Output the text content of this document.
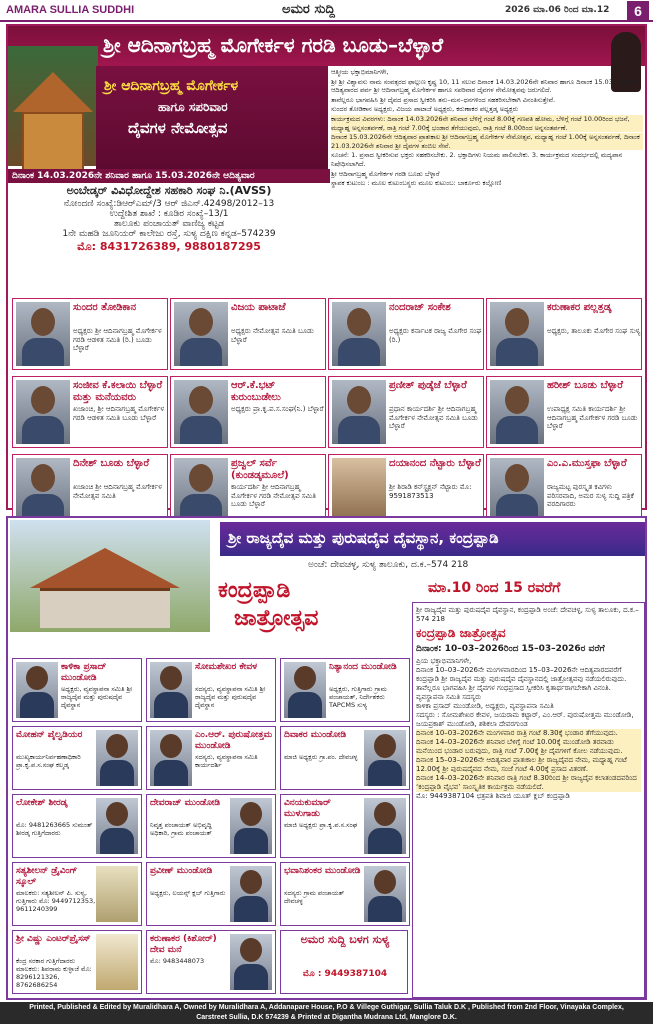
AMARA SULLIA SUDDHI	ಅಮರ ಸುದ್ದಿ	2026 ಮಾ.06 ರಿಂದ ಮಾ.12	6
ಶ್ರೀ ಆದಿನಾಗಬ್ರಹ್ಮ ಮೊಗೇರ್ಕಳ ಗರಡಿ ಬೂಡು–ಬೆಳ್ಳಾರೆ
ಶ್ರೀ ಆದಿನಾಗಬ್ರಹ್ಮ ಮೊಗೇರ್ಕಳ
ಹಾಗೂ ಸಪರಿವಾರ
ದೈವಗಳ ನೇಮೋತ್ಸವ
ದಿನಾಂಕ 14.03.2026ನೇ ಶನಿವಾರ ಹಾಗೂ 15.03.2026ನೇ ಆದಿತ್ಯವಾರ
ಅಂಬೇಡ್ಕರ್ ವಿವಿಧೋದ್ದೇಶ ಸಹಕಾರಿ ಸಂಘ ನಿ.(AVSS)
ನೋಂದಣಿ ಸಂಖ್ಯೆ:ಡಿಆರ್‌ಎಮ್/3 ಆರ್ ಜಿಎನ್.42498/2012–13
ಉದ್ದೇಶಿತ ಶಾಖೆ : ಕೂಡಿರ ಸಂಖ್ಯೆ–13/1
ತಾಲೂಕು ಪಂಚಾಯತ್ ವಾಣಿಜ್ಯ ಕಟ್ಟಡ
1ನೇ ಮಹಡಿ ಜೂನಿಯರ್ ಕಾಲೇಜು ರಸ್ತೆ, ಸುಳ್ಯ ದಕ್ಷಿಣ ಕನ್ನಡ–574239
ಮೊ: 8431726389, 9880187295

ಆತ್ಮೀಯ ಭಕ್ತಾಭಿಮಾನಿಗಳೇ,

ಶ್ರೀ ಶ್ರೀ ವಿಶ್ವಾವಸು ನಾಮ ಸಂವತ್ಸರದ ಫಾಲ್ಗುಣ ಕೃಷ್ಣ 10, 11 ಸಲುವ ದಿನಾಂಕ 14.03.2026ನೇ ಶನಿವಾರ ಹಾಗೂ ದಿನಾಂಕ 15.03.2026ನೇ ಆದಿತ್ಯವಾರದ ಪರ್ವ ಶ್ರೀ ಆದಿನಾಗಬ್ರಹ್ಮ ಮೊಗೇರ್ಕಳ ಹಾಗೂ ಸಪರಿವಾರ ದೈವಗಳ ನೇಮೋತ್ಸವವು ಜರುಗಲಿದೆ.

ತಾವೆಲ್ಲರೂ ಭಾಗವಹಿಸಿ ಶ್ರೀ ದೈವದ ಪ್ರಸಾದ ಸ್ವೀಕರಿಸಿ ತನು–ಮನ–ಧನಗಳಿಂದ ಸಹಕರಿಸಬೇಕಾಗಿ ವಿನಂತಿಸುತ್ತೇವೆ.

ಸುಂದರ ತೋಡಿಕಾನ ಅಧ್ಯಕ್ಷರು, ವಿಜಯ ಪಾಟಾಜೆ ಅಧ್ಯಕ್ಷರು, ಕರುಣಾಕರ ಪಲ್ಲತ್ತಡ್ಕ ಅಧ್ಯಕ್ಷರು

ಕಾರ್ಯಕ್ರಮದ ವಿವರಗಳು: ದಿನಾಂಕ 14.03.2026ನೇ ಶನಿವಾರ ಬೆಳಿಗ್ಗೆ ಗಂಟೆ 8.00ಕ್ಕೆ ಗಣಪತಿ ಹೋಮ, ಬೆಳಿಗ್ಗೆ ಗಂಟೆ 10.00ರಿಂದ ಭಜನೆ, ಮಧ್ಯಾಹ್ನ ಅನ್ನಸಂತರ್ಪಣೆ, ರಾತ್ರಿ ಗಂಟೆ 7.00ಕ್ಕೆ ಭಂಡಾರ ತೆಗೆಯುವುದು, ರಾತ್ರಿ ಗಂಟೆ 8.00ರಿಂದ ಅನ್ನಸಂತರ್ಪಣೆ.

ದಿನಾಂಕ 15.03.2026ನೇ ಆದಿತ್ಯವಾರ ಪ್ರಾತಃಕಾಲ ಶ್ರೀ ಆದಿನಾಗಬ್ರಹ್ಮ ಮೊಗೇರ್ಕಳ ನೇಮೋತ್ಸವ, ಮಧ್ಯಾಹ್ನ ಗಂಟೆ 1.00ಕ್ಕೆ ಅನ್ನಸಂತರ್ಪಣೆ, ದಿನಾಂಕ 21.03.2026ನೇ ಶನಿವಾರ ಶ್ರೀ ದೈವಗಳ ತಂಬಿಲ ಸೇವೆ.

ಸೂಚನೆ: 1. ಪ್ರಸಾದ ಸ್ವೀಕರಿಸುವ ಭಕ್ತರು ಸಹಕರಿಸಬೇಕು. 2. ಭಕ್ತಾದಿಗಳು ನಿಯಮ ಪಾಲಿಸಬೇಕು. 3. ಕಾರ್ಯಕ್ರಮದ ಸಂದರ್ಭದಲ್ಲಿ ಮದ್ಯಪಾನ ನಿಷೇಧಿಸಲಾಗಿದೆ.

ಶ್ರೀ ಆದಿನಾಗಬ್ರಹ್ಮ ಮೊಗೇರ್ಕಳ ಗರಡಿ ಬೂಡು ಬೆಳ್ಳಾರೆ

ಸ್ಥಾಪಕ ಕುಟುಂಬ : ಮೂಲ ಕುಟುಂಬಸ್ಥರು ಮೂಲ ಕುಟುಂಬ: ಬಾರ್ಕೂರು ಕಲ್ಲೋಣಿ

ಸುಂದರ ತೋಡಿಕಾನ
ಅಧ್ಯಕ್ಷರು ಶ್ರೀ ಆದಿನಾಗಬ್ರಹ್ಮ ಮೊಗೇರ್ಕಳ ಗರಡಿ ಆಡಳಿತ ಸಮಿತಿ (ರಿ.) ಬೂಡು ಬೆಳ್ಳಾರೆ
ವಿಜಯ ಪಾಟಾಜೆ
ಅಧ್ಯಕ್ಷರು ನೇಮೋತ್ಸವ ಸಮಿತಿ ಬೂಡು ಬೆಳ್ಳಾರೆ
ನಂದರಾಜ್ ಸಂಕೇಶ
ಅಧ್ಯಕ್ಷರು ಕರ್ನಾಟಕ ರಾಜ್ಯ ಮೊಗೇರ ಸಂಘ (ರಿ.)
ಕರುಣಾಕರ ಪಲ್ಲತ್ತಡ್ಕ
ಅಧ್ಯಕ್ಷರು, ತಾಲೂಕು ಮೊಗೇರ ಸಂಘ ಸುಳ್ಯ
ಸಂಜೀವ ಕೆ.ಕಲಾಯಿ ಬೆಳ್ಳಾರೆ ಮತ್ತು ಮನೆಯವರು
ಖಜಾಂಚಿ, ಶ್ರೀ ಆದಿನಾಗಬ್ರಹ್ಮ ಮೊಗೇರ್ಕಳ ಗರಡಿ ಆಡಳಿತ ಸಮಿತಿ ಬೂಡು ಬೆಳ್ಳಾರೆ
ಆರ್.ಕೆ.ಭಟ್ ಕುರುಂಬುಡೇಲು
ಅಧ್ಯಕ್ಷರು ಪ್ರಾ.ಕೃ.ಪ.ಸ.ಸಂಘ(ನಿ.) ಬೆಳ್ಳಾರೆ
ಪ್ರಣೀತ್ ಪುಡ್ಕೆಜೆ ಬೆಳ್ಳಾರೆ
ಪ್ರಧಾನ ಕಾರ್ಯದರ್ಶಿ ಶ್ರೀ ಆದಿನಾಗಬ್ರಹ್ಮ ಮೊಗೇರ್ಕಳ ನೇಮೋತ್ಸವ ಸಮಿತಿ ಬೂಡು ಬೆಳ್ಳಾರೆ
ಹರೀಶ್ ಬೂಡು ಬೆಳ್ಳಾರೆ
ಉಪಾಧ್ಯಕ್ಷ ಸಮಿತಿ ಕಾರ್ಯದರ್ಶಿ ಶ್ರೀ ಆದಿನಾಗಬ್ರಹ್ಮ ಮೊಗೇರ್ಕಳ ಗರಡಿ ಬೂಡು ಬೆಳ್ಳಾರೆ
ದಿನೇಶ್ ಬೂಡು ಬೆಳ್ಳಾರೆ
ಖಜಾಂಚಿ ಶ್ರೀ ಆದಿನಾಗಬ್ರಹ್ಮ ಮೊಗೇರ್ಕಳ ನೇಮೋತ್ಸವ ಸಮಿತಿ
ಪ್ರಜ್ವಲ್ ಸರ್ವೆ (ಕುಂಡಡ್ಕಮೂಲೆ)
ಕಾರ್ಯದರ್ಶಿ ಶ್ರೀ ಆದಿನಾಗಬ್ರಹ್ಮ ಮೊಗೇರ್ಕಳ ಗರಡಿ ನೇಮೋತ್ಸವ ಸಮಿತಿ ಬೂಡು ಬೆಳ್ಳಾರೆ
ದಯಾನಂದ ನೆಟ್ಟಾರು ಬೆಳ್ಳಾರೆ
ಶ್ರೀ ಶಿರಾಡಿ ಕನ್‌ಸ್ಟ್ರಕ್ಷನ್ ನೆಟ್ಟಾರು ಮೊ: 9591873513
ಎಂ.ಎ.ಮುಸ್ತಫಾ ಬೆಳ್ಳಾರೆ
ರಾಜ್ಯಮಟ್ಟ ಪುರಸ್ಕೃತ ಕವಿಗಳು ಪರಿಸರವಾದಿ, ಅಮರ ಸುಳ್ಯ ಸುದ್ದಿ ಪತ್ರಿಕೆ ವರದಿಗಾರರು
ಶ್ರೀ ರಾಜ್ಯದೈವ ಮತ್ತು ಪುರುಷದೈವ ದೈವಸ್ಥಾನ, ಕಂದ್ರಪ್ಪಾಡಿ
ಅಂಚೆ: ದೇವಚಳ್ಳ, ಸುಳ್ಯ ತಾಲೂಕು, ದ.ಕ.–574 218
ಕಂದ್ರಪ್ಪಾಡಿ
ಜಾತ್ರೋತ್ಸವ
ಮಾ.10 ರಿಂದ 15 ರವರೆಗೆ
ಶ್ರೀ ರಾಜ್ಯದೈವ ಮತ್ತು ಪುರುಷದೈವ ದೈವಸ್ಥಾನ, ಕಂದ್ರಪ್ಪಾಡಿ ಅಂಚೆ: ದೇವಚಳ್ಳ, ಸುಳ್ಯ ತಾಲೂಕು, ದ.ಕ.–574 218
ಕಂದ್ರಪ್ಪಾಡಿ ಜಾತ್ರೋತ್ಸವ
ದಿನಾಂಕ: 10–03–2026ರಿಂದ 15–03–2026ರ ವರೆಗೆ

ಪ್ರಿಯ ಭಕ್ತಾಭಿಮಾನಿಗಳೇ,

ದಿನಾಂಕ 10–03–2026ನೇ ಮಂಗಳವಾರದಿಂದ 15–03–2026ನೇ ಆದಿತ್ಯವಾರದವರೆಗೆ ಕಂದ್ರಪ್ಪಾಡಿ ಶ್ರೀ ರಾಜ್ಯದೈವ ಮತ್ತು ಪುರುಷದೈವ ದೈವಸ್ಥಾನದಲ್ಲಿ ಜಾತ್ರೋತ್ಸವವು ನಡೆಯಲಿರುವುದು. ತಾವೆಲ್ಲರೂ ಭಾಗವಹಿಸಿ ಶ್ರೀ ದೈವಗಳ ಗಂಧಪ್ರಸಾದ ಸ್ವೀಕರಿಸಿ ಕೃತಾರ್ಥರಾಗಬೇಕಾಗಿ ವಿನಂತಿ.

ವ್ಯವಸ್ಥಾಪನಾ ಸಮಿತಿ ಸದಸ್ಯರು

ಕಾಳಿಕಾ ಪ್ರಸಾದ್ ಮುಂಡೋಡಿ, ಅಧ್ಯಕ್ಷರು, ವ್ಯವಸ್ಥಾಪನಾ ಸಮಿತಿ

ಸದಸ್ಯರು : ಸೋಮಶೇಖರ ಕೇವಳ, ಜಯರಾಮ ಕಟ್ಟಾರ್, ಎಂ.ಆರ್. ಪುರುಷೋತ್ತಮ ಮುಂಡೋಡಿ, ಜಯಪ್ರಕಾಶ್ ಮುಂಡೋಡಿ, ಶಶಿಕಲಾ ದೇವರಗುಂಡ

ದಿನಾಂಕ 10–03–2026ನೇ ಮಂಗಳವಾರ ರಾತ್ರಿ ಗಂಟೆ 8.30ಕ್ಕೆ ಭಂಡಾರ ತೆಗೆಯುವುದು.

ದಿನಾಂಕ 14–03–2026ನೇ ಶನಿವಾರ ಬೆಳಿಗ್ಗೆ ಗಂಟೆ 10.00ಕ್ಕೆ ಮುಂಡೋಡಿ ತರವಾಡು ಮನೆಯಿಂದ ಭಂಡಾರ ಬರುವುದು, ರಾತ್ರಿ ಗಂಟೆ 7.00ಕ್ಕೆ ಶ್ರೀ ದೈವಗಳಿಗೆ ಕೋಲ ನಡೆಯುವುದು.

ದಿನಾಂಕ 15–03–2026ನೇ ಆದಿತ್ಯವಾರ ಪ್ರಾತಃಕಾಲ ಶ್ರೀ ರಾಜ್ಯದೈವದ ನೇಮ, ಮಧ್ಯಾಹ್ನ ಗಂಟೆ 12.00ಕ್ಕೆ ಶ್ರೀ ಪುರುಷದೈವದ ನೇಮ, ಸಂಜೆ ಗಂಟೆ 4.00ಕ್ಕೆ ಪ್ರಸಾದ ವಿತರಣೆ.

ದಿನಾಂಕ 14–03–2026ನೇ ಶನಿವಾರ ರಾತ್ರಿ ಗಂಟೆ 8.30ರಿಂದ ಶ್ರೀ ರಾಜ್ಯದೈವ ಕಲಾತಂಡದವರಿಂದ ‘ಕಂದ್ರಪ್ಪಾಡಿ ವೈಭವ’ ಸಾಂಸ್ಕೃತಿಕ ಕಾರ್ಯಕ್ರಮ ನಡೆಯಲಿದೆ.

ಮೊ: 9449387104 ಛತ್ರಪತಿ ಶಿವಾಜಿ ಯೂತ್ ಕ್ಲಬ್ ಕಂದ್ರಪ್ಪಾಡಿ

ಕಾಳಿಕಾ ಪ್ರಸಾದ್ ಮುಂಡೋಡಿ
ಅಧ್ಯಕ್ಷರು, ವ್ಯವಸ್ಥಾಪನಾ ಸಮಿತಿ ಶ್ರೀ ರಾಜ್ಯದೈವ ಮತ್ತು ಪುರುಷದೈವ ದೈವಸ್ಥಾನ
ಸೋಮಶೇಖರ ಕೇವಳ
ಸದಸ್ಯರು, ವ್ಯವಸ್ಥಾಪನಾ ಸಮಿತಿ ಶ್ರೀ ರಾಜ್ಯದೈವ ಮತ್ತು ಪುರುಷದೈವ ದೈವಸ್ಥಾನ
ನಿತ್ಯಾನಂದ ಮುಂಡೋಡಿ
ಅಧ್ಯಕ್ಷರು, ಗುತ್ತಿಗಾರು ಗ್ರಾಮ ಪಂಚಾಯತ್, ನಿರ್ದೇಶಕರು TAPCMS ಸುಳ್ಯ
ಮೋಹನ್ ಪೈಲ್ವಡಿಯರ
ಮುಖ್ಯಕಾರ್ಯನಿರ್ವಹಣಾಧಿಕಾರಿ ಪ್ರಾ.ಕೃ.ಪ.ಸ.ಸಂಘ ಕಲ್ಮಡ್ಕ
ಎಂ.ಆರ್. ಪುರುಷೋತ್ತಮ ಮುಂಡೋಡಿ
ಸದಸ್ಯರು, ವ್ಯವಸ್ಥಾಪನಾ ಸಮಿತಿ ಕಾರ್ಯದರ್ಶಿ
ದಿವಾಕರ ಮುಂಡೋಡಿ
ಮಾಜಿ ಅಧ್ಯಕ್ಷರು ಗ್ರಾ.ಪಂ. ದೇವಚಳ್ಳ
ಲೋಕೇಶ್ ಶೀರಡ್ಕ
ಮೊ: 9481263665 ಸುಮಂತ್ ಶೀರಡ್ಕ ಗುತ್ತಿಗೆದಾರರು
ದೇವರಾಜ್ ಮುಂಡೋಡಿ
ನಿವೃತ್ತ ಪಂಚಾಯತ್ ಅಭಿವೃದ್ಧಿ ಅಧಿಕಾರಿ, ಗ್ರಾಮ ಪಂಚಾಯತ್
ವಿನಯಕುಮಾರ್ ಮುಳುಗಾಡು
ಮಾಜಿ ಅಧ್ಯಕ್ಷರು ಪ್ರಾ.ಕೃ.ಪ.ಸ.ಸಂಘ
ಸತ್ಯಶೀಲನ್ ಡ್ರೈವಿಂಗ್ ಸ್ಕೂಲ್
ಮಾಲಕರು: ಸತ್ಯಶೀಲನ್ ಪಿ. ಸುಳ್ಯ, ಗುತ್ತಿಗಾರು ಮೊ: 9449712353, 9611240399
ಪ್ರವೀಣ್ ಮುಂಡೋಡಿ
ಅಧ್ಯಕ್ಷರು, ಲಯನ್ಸ್ ಕ್ಲಬ್ ಗುತ್ತಿಗಾರು
ಭವಾನಿಶಂಕರ ಮುಂಡೋಡಿ
ಸದಸ್ಯರು ಗ್ರಾಮ ಪಂಚಾಯತ್ ದೇವಚಳ್ಳ
ಶ್ರೀ ವಿಷ್ಣು ಎಂಟರ್‌ಪ್ರೈಸಸ್
ಕೆಂದ್ರ ಸರಕಾರ ಗುತ್ತಿಗೆದಾರರು ಮಾಲಕರು: ಶಿವರಾಮ ಕುಳ್ಳಾಜೆ ಮೊ: 8296121326, 8762686254
ಕರುಣಾಕರ (ಕಿಶೋರ್) ದೇವ ಮನೆ
ಮೊ: 9483448073
ಅಮರ ಸುದ್ದಿ ಬಳಗ ಸುಳ್ಯ
ಮೊ : 9449387104
Printed, Published & Edited by Muralidhara A, Owned by Muralidhara A, Addanapare House, P.O & Villege Guthigar, Sullia Taluk D.K , Published from 2nd Floor, Vinayaka Complex,
Carstreet Sullia, D.K 574239 & Printed at Digantha Mudrana Ltd, Manglore D.K.
